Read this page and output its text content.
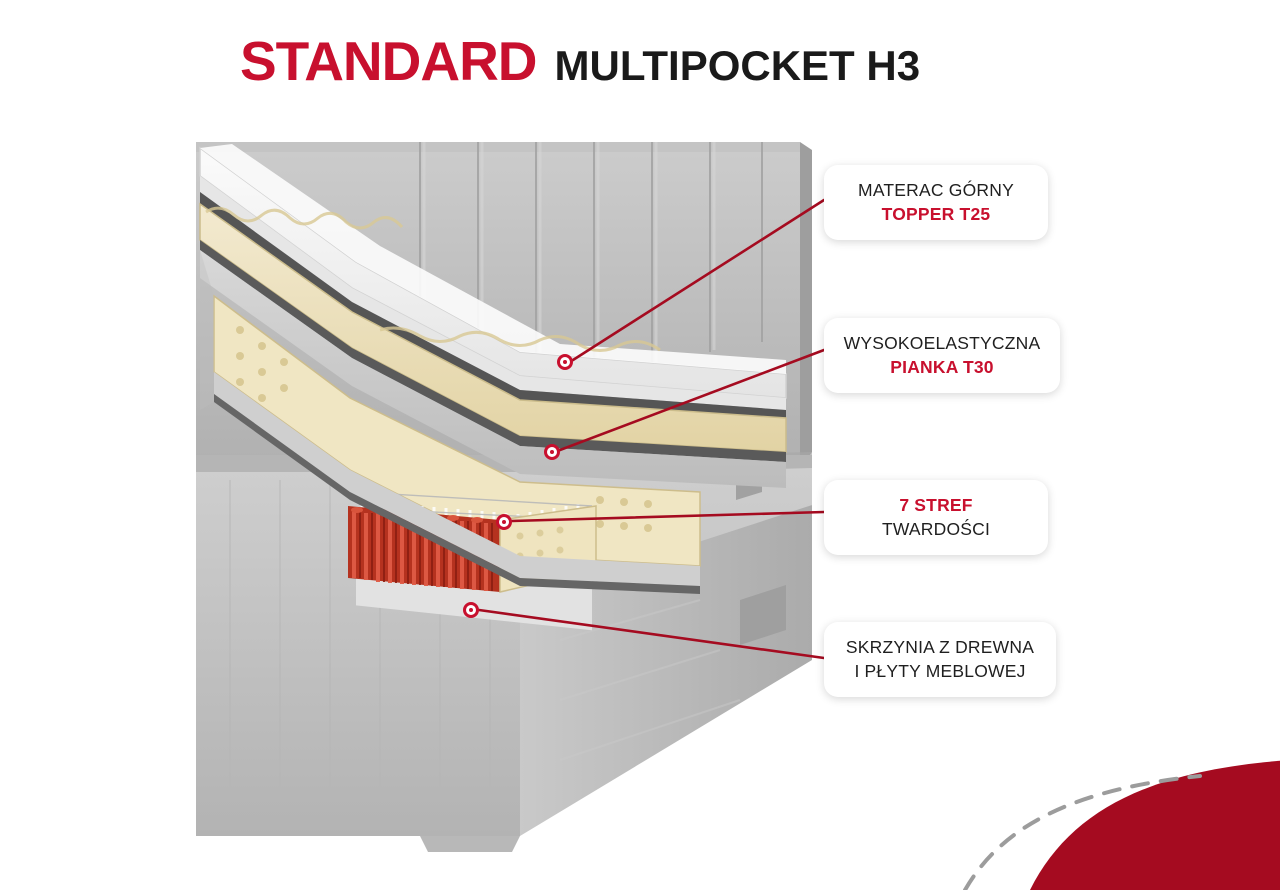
STANDARD MULTIPOCKET H3
MATERAC GÓRNY
TOPPER T25
WYSOKOELASTYCZNA
PIANKA T30
7 STREF
TWARDOŚCI
SKRZYNIA Z DREWNA
I PŁYTY MEBLOWEJ
